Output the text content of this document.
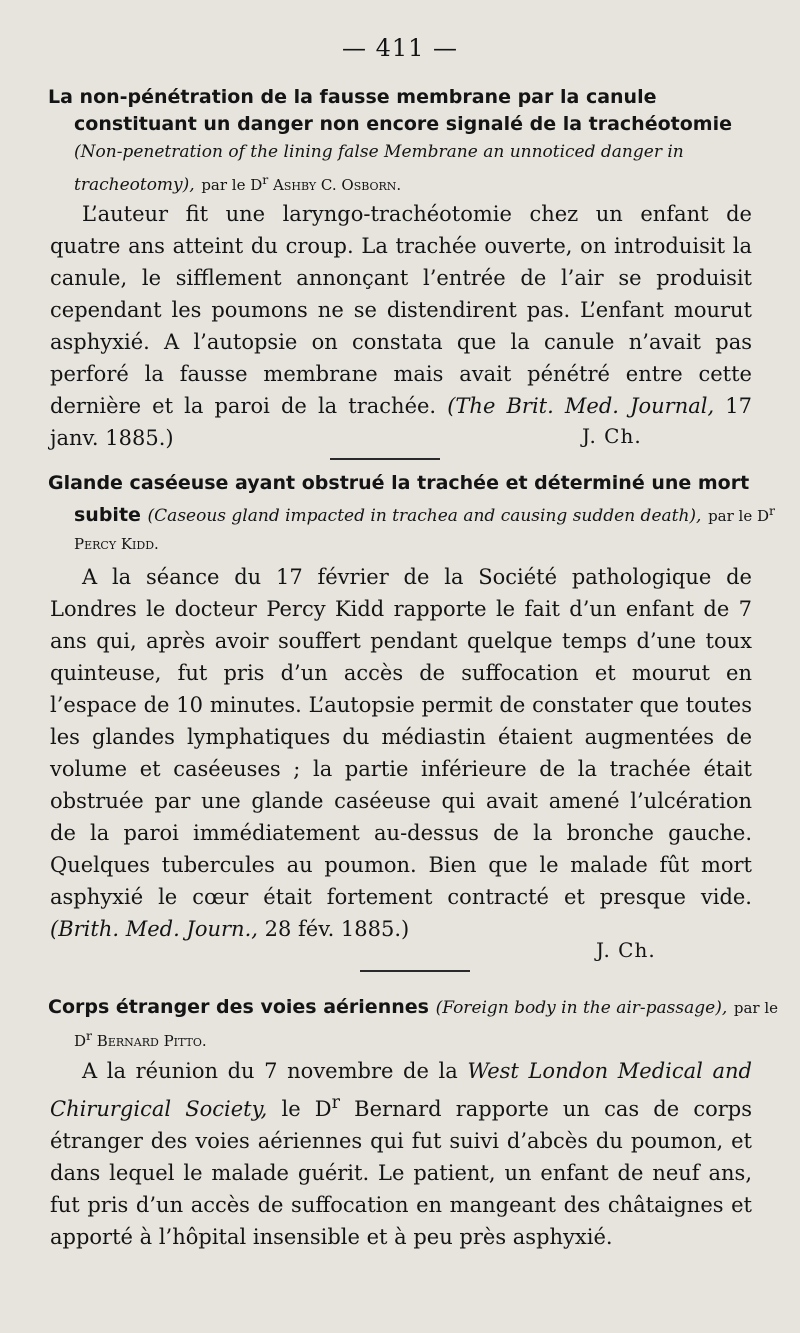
— 411 —
La non-pénétration de la fausse membrane par la canule constituant un danger non encore signalé de la trachéotomie (Non-penetration of the lining false Membrane an unnoticed danger in tracheotomy), par le $D^r$ Ashby C. Osborn.
L’auteur fit une laryngo-trachéotomie chez un enfant de quatre ans atteint du croup. La trachée ouverte, on introduisit la canule, le sifflement annonçant l’entrée de l’air se produisit cependant les poumons ne se distendirent pas. L’enfant mourut asphyxié. A l’autopsie on constata que la canule n’avait pas perforé la fausse membrane mais avait pénétré entre cette dernière et la paroi de la trachée. (The Brit. Med. Journal, 17 janv. 1885.)	J. Ch.
Glande caséeuse ayant obstrué la trachée et déterminé une mort subite (Caseous gland impacted in trachea and causing sudden death), par le $D^r$ Percy Kidd.
A la séance du 17 février de la Société pathologique de Londres le docteur Percy Kidd rapporte le fait d’un enfant de 7 ans qui, après avoir souffert pendant quelque temps d’une toux quinteuse, fut pris d’un accès de suffocation et mourut en l’espace de 10 minutes. L’autopsie permit de constater que toutes les glandes lymphatiques du médiastin étaient augmentées de volume et caséeuses ; la partie inférieure de la trachée était obstruée par une glande caséeuse qui avait amené l’ulcération de la paroi immédiatement au-dessus de la bronche gauche. Quelques tubercules au poumon. Bien que le malade fût mort asphyxié le cœur était fortement contracté et presque vide. (Brith. Med. Journ., 28 fév. 1885.)
J. Ch.
Corps étranger des voies aériennes (Foreign body in the air-passage), par le $D^r$ Bernard Pitto.
A la réunion du 7 novembre de la West London Medical and Chirurgical Society, le $D^r$ Bernard rapporte un cas de corps étranger des voies aériennes qui fut suivi d’abcès du poumon, et dans lequel le malade guérit. Le patient, un enfant de neuf ans, fut pris d’un accès de suffocation en mangeant des châtaignes et apporté à l’hôpital insensible et à peu près asphyxié.
